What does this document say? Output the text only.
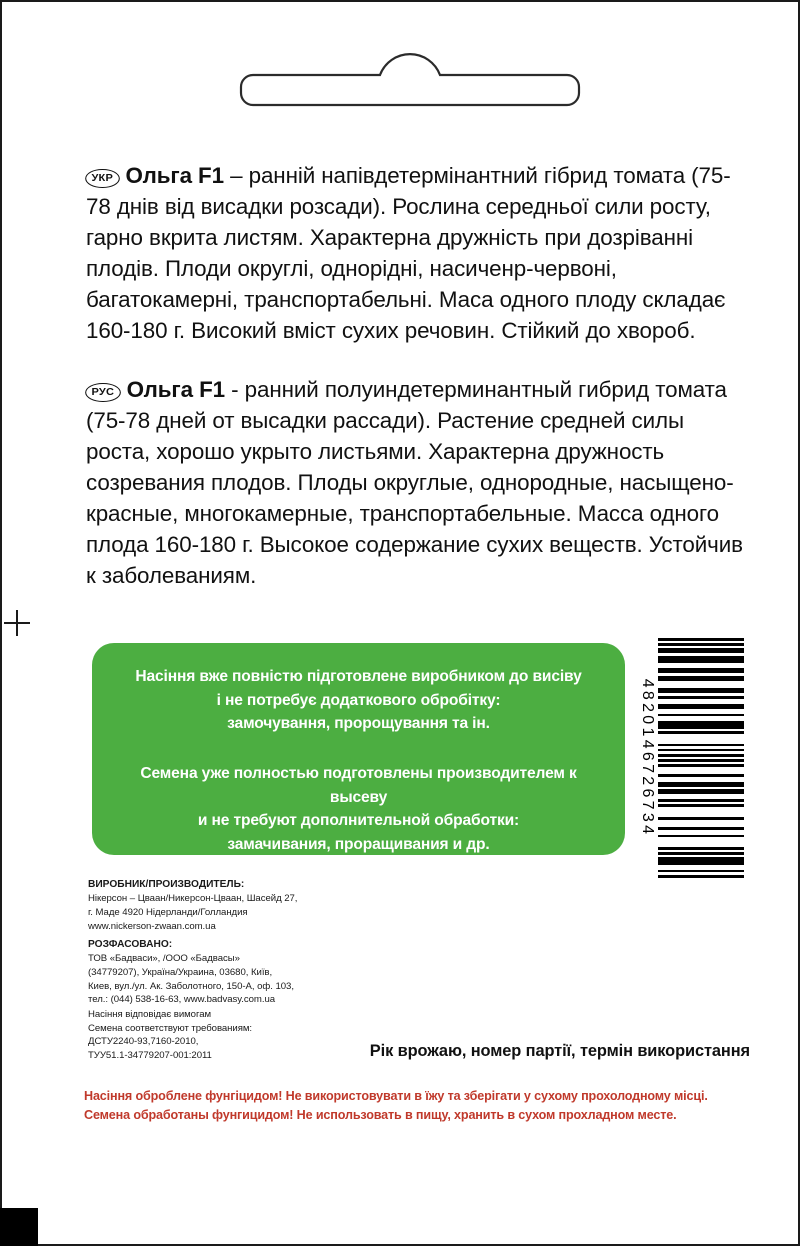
УКР Ольга F1 – ранній напівдетермінантний гібрид томата (75-78 днів від висадки розсади). Рослина середньої сили росту, гарно вкрита листям. Характерна дружність при дозріванні плодів. Плоди округлі, однорідні, насиченр-червоні, багатокамерні, транспортабельні. Маса одного плоду складає 160-180 г. Високий вміст сухих речовин. Стійкий до хвороб.

РУС Ольга F1 - ранний полуиндетерминантный гибрид томата (75-78 дней от высадки рассади). Растение средней силы роста, хорошо укрыто листьями. Характерна дружность созревания плодов. Плоды округлые, однородные, насыщено-красные, многокамерные, транспортабельные. Масса одного плода 160-180 г. Высокое содержание сухих веществ. Устойчив к заболеваниям.

Насіння вже повністю підготовлене виробником до висіву
і не потребує додаткового обробітку:
замочування, пророщування та ін.

Семена уже полностью подготовлены производителем к высеву
и не требуют дополнительной обработки:
замачивания, проращивания и др.

4820146726734
ВИРОБНИК/ПРОИЗВОДИТЕЛЬ:
Нікерсон – Цваан/Никерсон-Цваан, Шасейд 27,
г. Маде 4920 Нідерланди/Голландия
www.nickerson-zwaan.com.ua
РОЗФАСОВАНО:
ТОВ «Бадваси», /ООО «Бадвасы»
(34779207), Україна/Украина, 03680, Київ,
Киев, вул./ул. Ак. Заболотного, 150-А, оф. 103,
тел.: (044) 538-16-63, www.badvasy.com.ua
Насіння відповідає вимогам
Семена соответствуют требованиям:
ДСТУ2240-93,7160-2010,
ТУУ51.1-34779207-001:2011	Рік врожаю, номер партії, термін використання
Насіння оброблене фунгіцидом! Не використовувати в їжу та зберігати у сухому прохолодному місці.
Семена обработаны фунгицидом! Не использовать в пищу, хранить в сухом прохладном месте.
